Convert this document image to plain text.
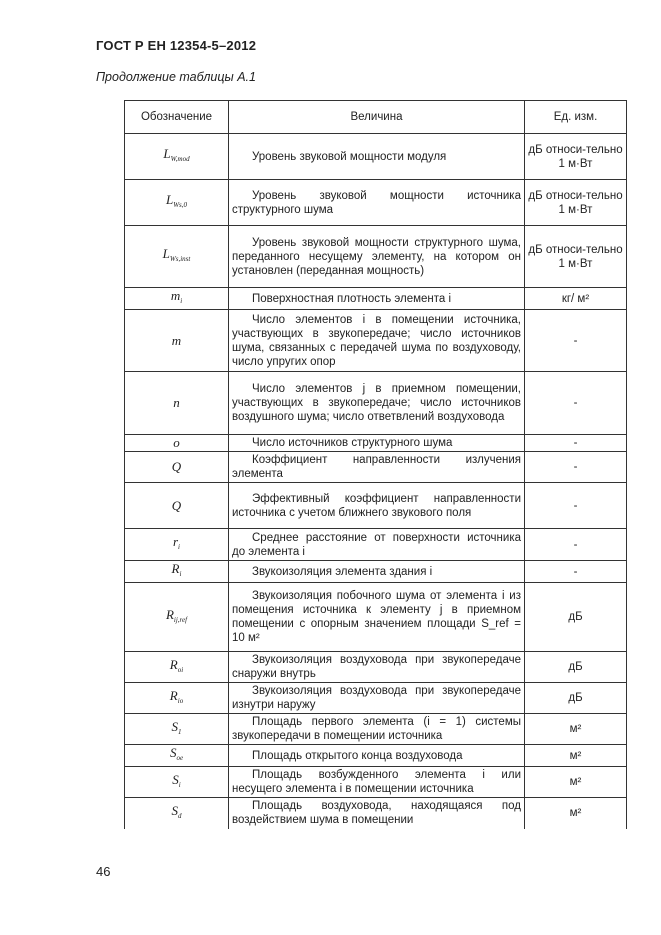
ГОСТ Р ЕН 12354-5–2012
Продолжение таблицы А.1
Обозначение	Величина	Ед. изм.
$L_{W,mod}$	Уровень звуковой мощности модуля	дБ относи-тельно 1 м·Вт
$L_{Ws,0}$	Уровень звуковой мощности источника структурного шума	дБ относи-тельно 1 м·Вт
$L_{Ws,inst}$	Уровень звуковой мощности структурного шума, переданного несущему элементу, на котором он установлен (переданная мощность)	дБ относи-тельно 1 м·Вт
$m_i$	Поверхностная плотность элемента i	кг/ м²
m	Число элементов i в помещении источника, участвующих в звукопередаче; число источников шума, связанных с передачей шума по воздуховоду, число упругих опор	-
n	Число элементов j в приемном помещении, участвующих в звукопередаче; число источников воздушного шума; число ответвлений воздуховода	-
o	Число источников структурного шума	-
Q	Коэффициент направленности излучения элемента	-
Q	Эффективный коэффициент направленности источника с учетом ближнего звукового поля	-
$r_i$	Среднее расстояние от поверхности источника до элемента i	-
$R_i$	Звукоизоляция элемента здания i	-
$R_{ij,ref}$	Звукоизоляция побочного шума от элемента i из помещения источника к элементу j в приемном помещении с опорным значением площади S_ref = 10 м²	дБ
$R_{oi}$	Звукоизоляция воздуховода при звукопередаче снаружи внутрь	дБ
$R_{io}$	Звукоизоляция воздуховода при звукопередаче изнутри наружу	дБ
$S_1$	Площадь первого элемента (i = 1) системы звукопередачи в помещении источника	м²
$S_{oe}$	Площадь открытого конца воздуховода	м²
$S_i$	Площадь возбужденного элемента i или несущего элемента i в помещении источника	м²
$S_d$	Площадь воздуховода, находящаяся под воздействием шума в помещении	м²
46
